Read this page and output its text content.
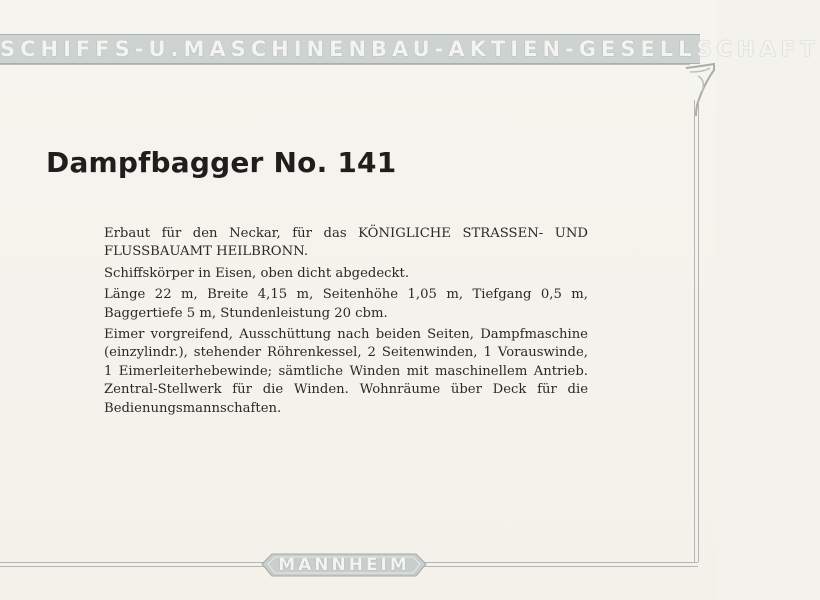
SCHIFFS-U.MASCHINENBAU-AKTIEN-GESELLSCHAFT
MANNHEIM
Dampfbagger No. 141

Erbaut für den Neckar, für das KÖNIGLICHE STRASSEN- UND FLUSSBAUAMT HEILBRONN.

Schiffskörper in Eisen, oben dicht abgedeckt.

Länge 22 m, Breite 4,15 m, Seitenhöhe 1,05 m, Tiefgang 0,5 m, Baggertiefe 5 m, Stundenleistung 20 cbm.

Eimer vorgreifend, Ausschüttung nach beiden Seiten, Dampfmaschine (einzylindr.), stehender Röhrenkessel, 2 Seitenwinden, 1 Vorauswinde, 1 Eimerleiterhebewinde; sämtliche Winden mit maschinellem Antrieb. Zentral-Stellwerk für die Winden. Wohnräume über Deck für die Bedienungsmannschaften.
